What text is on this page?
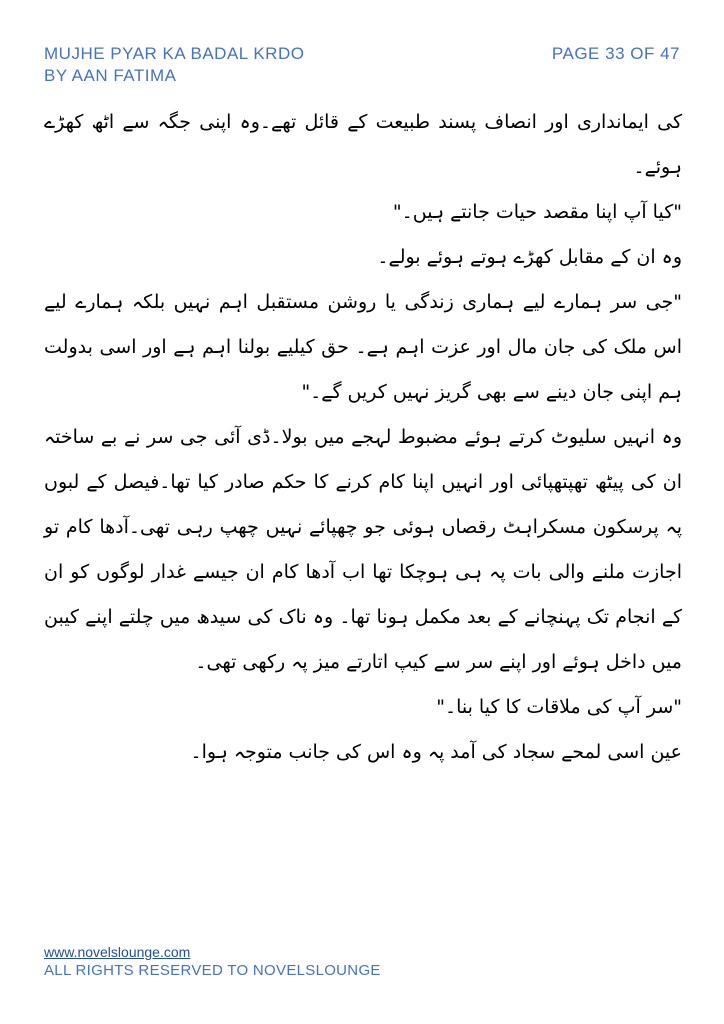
MUJHE PYAR KA BADAL KRDO
BY AAN FATIMA
PAGE 33 OF 47

کی ایمانداری اور انصاف پسند طبیعت کے قائل تھے۔وہ اپنی جگہ سے اٹھ کھڑے ہوئے۔

"کیا آپ اپنا مقصد حیات جانتے ہیں۔"

وہ ان کے مقابل کھڑے ہوتے ہوئے بولے۔

"جی سر ہمارے لیے ہماری زندگی یا روشن مستقبل اہم نہیں بلکہ ہمارے لیے اس ملک کی جان مال اور عزت اہم ہے۔ حق کیلیے بولنا اہم ہے اور اسی بدولت ہم اپنی جان دینے سے بھی گریز نہیں کریں گے۔"

وہ انہیں سلیوٹ کرتے ہوئے مضبوط لہجے میں بولا۔ڈی آئی جی سر نے بے ساختہ ان کی پیٹھ تھپتھپائی اور انہیں اپنا کام کرنے کا حکم صادر کیا تھا۔فیصل کے لبوں پہ پرسکون مسکراہٹ رقصاں ہوئی جو چھپائے نہیں چھپ رہی تھی۔آدھا کام تو اجازت ملنے والی بات پہ ہی ہوچکا تھا اب آدھا کام ان جیسے غدار لوگوں کو ان کے انجام تک پہنچانے کے بعد مکمل ہونا تھا۔ وہ ناک کی سیدھ میں چلتے اپنے کیبن میں داخل ہوئے اور اپنے سر سے کیپ اتارتے میز پہ رکھی تھی۔

"سر آپ کی ملاقات کا کیا بنا۔"

عین اسی لمحے سجاد کی آمد پہ وہ اس کی جانب متوجہ ہوا۔

www.novelslounge.com
ALL RIGHTS RESERVED TO NOVELSLOUNGE
